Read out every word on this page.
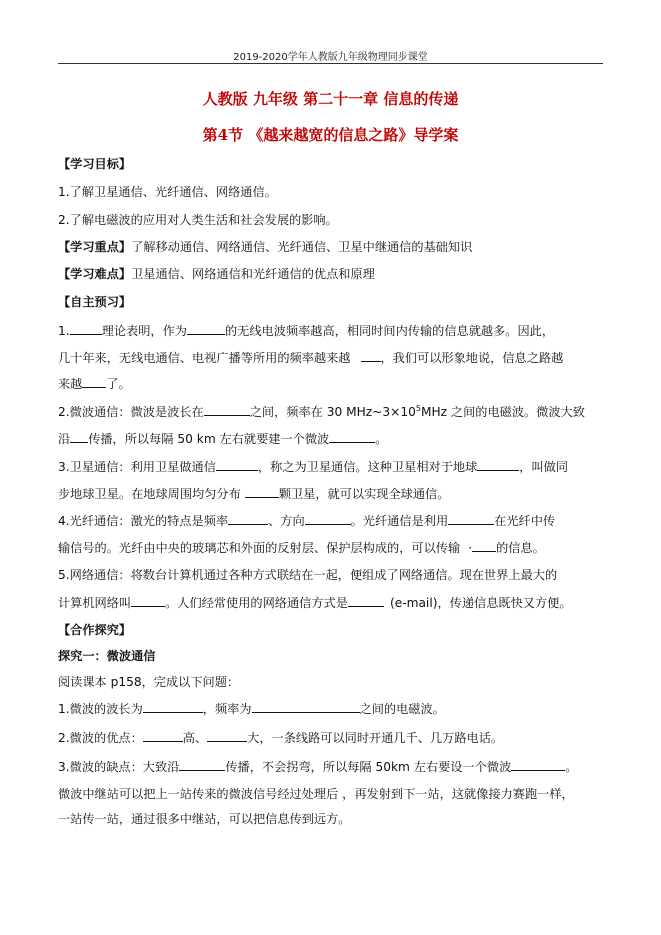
2019-2020学年人教版九年级物理同步课堂
人教版 九年级 第二十一章 信息的传递
第4节 《越来越宽的信息之路》导学案
【学习目标】
1.了解卫星通信、光纤通信、网络通信。
2.了解电磁波的应用对人类生活和社会发展的影响。
【学习重点】了解移动通信、网络通信、光纤通信、卫星中继通信的基础知识
【学习难点】卫星通信、网络通信和光纤通信的优点和原理
【自主预习】
1.	理论表明，作为	的无线电波频率越高，相同时间内传输的信息就越多。因此，
几十年来，无线电通信、电视广播等所用的频率越来越 ，我们可以形象地说，信息之路越
来越 了。
2.微波通信：微波是波长在	之间，频率在 30 $MHz\sim 3\times 10^5MHz$ 之间的电磁波。微波大致
沿 传播，所以每隔 50 km 左右就要建一个微波	。
3.卫星通信：利用卫星做通信	，称之为卫星通信。这种卫星相对于地球	，叫做同
步地球卫星。在地球周围均匀分布	颗卫星，就可以实现全球通信。
4.光纤通信：激光的特点是频率	、方向	。光纤通信是利用	在光纤中传
输信号的。光纤由中央的玻璃芯和外面的反射层、保护层构成的，可以传输 · 的信息。
5.网络通信：将数台计算机通过各种方式联结在一起，便组成了网络通信。现在世界上最大的
计算机网络叫	。人们经常使用的网络通信方式是	(e-mail)，传递信息既快又方便。
【合作探究】
探究一：微波通信
阅读课本 p158，完成以下问题：
1.微波的波长为	，频率为	之间的电磁波。
2.微波的优点：	高、	大，一条线路可以同时开通几千、几万路电话。
3.微波的缺点：大致沿	传播，不会拐弯，所以每隔 50km 左右要设一个微波	。
微波中继站可以把上一站传来的微波信号经过处理后 ，再发射到下一站，这就像接力赛跑一样，
一站传一站，通过很多中继站，可以把信息传到远方。
